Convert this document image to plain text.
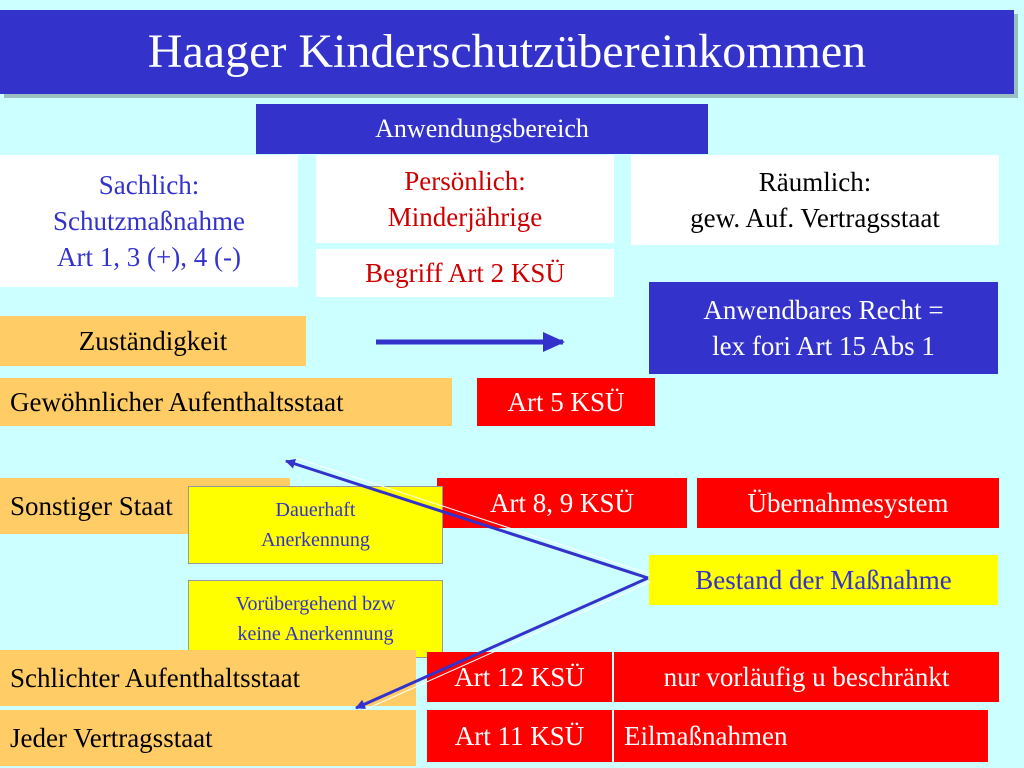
Haager Kinderschutzübereinkommen
Anwendungsbereich
Sachlich:
Schutzmaßnahme
Art 1, 3 (+), 4 (-)
Persönlich:
Minderjährige
Begriff Art 2 KSÜ
Räumlich:
gew. Auf. Vertragsstaat
Anwendbares Recht =
lex fori Art 15 Abs 1
Zuständigkeit
Gewöhnlicher Aufenthaltsstaat	Art 5 KSÜ
Sonstiger Staat	Art 8, 9 KSÜ	Übernahmesystem
Dauerhaft
Anerkennung
Bestand der Maßnahme
Vorübergehend bzw
keine Anerkennung
Schlichter Aufenthaltsstaat	Art 12 KSÜ	nur vorläufig u beschränkt
Jeder Vertragsstaat	Art 11 KSÜ	Eilmaßnahmen
